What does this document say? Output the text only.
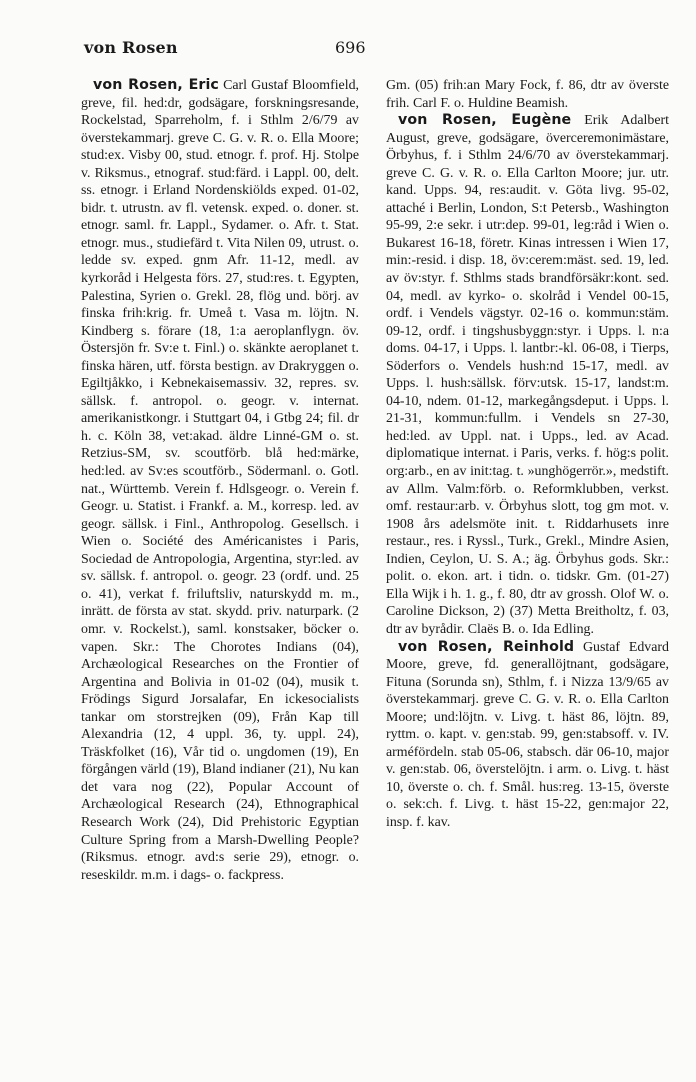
von Rosen	696

von Rosen, Eric Carl Gustaf Bloomfield, greve, fil. hed:dr, godsägare, forskningsresande, Rockelstad, Sparreholm, f. i Sthlm 2/6/79 av överstekammarj. greve C. G. v. R. o. Ella Moore; stud:ex. Visby 00, stud. etnogr. f. prof. Hj. Stolpe v. Riksmus., etnograf. stud:färd. i Lappl. 00, delt. ss. etnogr. i Erland Nordenskiölds exped. 01-02, bidr. t. utrustn. av fl. vetensk. exped. o. doner. st. etnogr. saml. fr. Lappl., Sydamer. o. Afr. t. Stat. etnogr. mus., studiefärd t. Vita Nilen 09, utrust. o. ledde sv. exped. gnm Afr. 11-12, medl. av kyrkoråd i Helgesta förs. 27, stud:res. t. Egypten, Palestina, Syrien o. Grekl. 28, flög und. börj. av finska frih:krig. fr. Umeå t. Vasa m. löjtn. N. Kindberg s. förare (18, 1:a aeroplanflygn. öv. Östersjön fr. Sv:e t. Finl.) o. skänkte aeroplanet t. finska hären, utf. första bestign. av Drakryggen o. Egiltjåkko, i Kebnekaisemassiv. 32, repres. sv. sällsk. f. antropol. o. geogr. v. internat. amerikanistkongr. i Stuttgart 04, i Gtbg 24; fil. dr h. c. Köln 38, vet:akad. äldre Linné-GM o. st. Retzius-SM, sv. scoutförb. blå hed:märke, hed:led. av Sv:es scoutförb., Södermanl. o. Gotl. nat., Württemb. Verein f. Hdlsgeogr. o. Verein f. Geogr. u. Statist. i Frankf. a. M., korresp. led. av geogr. sällsk. i Finl., Anthropolog. Gesellsch. i Wien o. Société des Américanistes i Paris, Sociedad de Antropologia, Argentina, styr:led. av sv. sällsk. f. antropol. o. geogr. 23 (ordf. und. 25 o. 41), verkat f. friluftsliv, naturskydd m. m., inrätt. de första av stat. skydd. priv. naturpark. (2 omr. v. Rockelst.), saml. konstsaker, böcker o. vapen. Skr.: The Chorotes Indians (04), Archæological Researches on the Frontier of Argentina and Bolivia in 01-02 (04), musik t. Frödings Sigurd Jorsalafar, En ickesocialists tankar om storstrejken (09), Från Kap till Alexandria (12, 4 uppl. 36, ty. uppl. 24), Träskfolket (16), Vår tid o. ungdomen (19), En förgången värld (19), Bland indianer (21), Nu kan det vara nog (22), Popular Account of Archæological Research (24), Ethnographical Research Work (24), Did Prehistoric Egyptian Culture Spring from a Marsh-Dwelling People? (Riksmus. etnogr. avd:s serie 29), etnogr. o. reseskildr. m.m. i dags- o. fackpress.

Gm. (05) frih:an Mary Fock, f. 86, dtr av överste frih. Carl F. o. Huldine Beamish.

von Rosen, Eugène Erik Adalbert August, greve, godsägare, överceremonimästare, Örbyhus, f. i Sthlm 24/6/70 av överstekammarj. greve C. G. v. R. o. Ella Carlton Moore; jur. utr. kand. Upps. 94, res:audit. v. Göta livg. 95-02, attaché i Berlin, London, S:t Petersb., Washington 95-99, 2:e sekr. i utr:dep. 99-01, leg:råd i Wien o. Bukarest 16-18, företr. Kinas intressen i Wien 17, min:-resid. i disp. 18, öv:cerem:mäst. sed. 19, led. av öv:styr. f. Sthlms stads brandförsäkr:kont. sed. 04, medl. av kyrko- o. skolråd i Vendel 00-15, ordf. i Vendels vägstyr. 02-16 o. kommun:stäm. 09-12, ordf. i tingshusbyggn:styr. i Upps. l. n:a doms. 04-17, i Upps. l. lantbr:-kl. 06-08, i Tierps, Söderfors o. Vendels hush:nd 15-17, medl. av Upps. l. hush:sällsk. förv:utsk. 15-17, landst:m. 04-10, ndem. 01-12, markegångsdeput. i Upps. l. 21-31, kommun:fullm. i Vendels sn 27-30, hed:led. av Uppl. nat. i Upps., led. av Acad. diplomatique internat. i Paris, verks. f. hög:s polit. org:arb., en av init:tag. t. »unghögerrör.», medstift. av Allm. Valm:förb. o. Reformklubben, verkst. omf. restaur:arb. v. Örbyhus slott, tog gm mot. v. 1908 års adelsmöte init. t. Riddarhusets inre restaur., res. i Ryssl., Turk., Grekl., Mindre Asien, Indien, Ceylon, U. S. A.; äg. Örbyhus gods. Skr.: polit. o. ekon. art. i tidn. o. tidskr. Gm. (01-27) Ella Wijk i h. 1. g., f. 80, dtr av grossh. Olof W. o. Caroline Dickson, 2) (37) Metta Breitholtz, f. 03, dtr av byrådir. Claës B. o. Ida Edling.

von Rosen, Reinhold Gustaf Edvard Moore, greve, fd. generallöjtnant, godsägare, Fituna (Sorunda sn), Sthlm, f. i Nizza 13/9/65 av överstekammarj. greve C. G. v. R. o. Ella Carlton Moore; und:löjtn. v. Livg. t. häst 86, löjtn. 89, ryttm. o. kapt. v. gen:stab. 99, gen:stabsoff. v. IV. arméfördeln. stab 05-06, stabsch. där 06-10, major v. gen:stab. 06, överstelöjtn. i arm. o. Livg. t. häst 10, överste o. ch. f. Smål. hus:reg. 13-15, överste o. sek:ch. f. Livg. t. häst 15-22, gen:major 22, insp. f. kav.
